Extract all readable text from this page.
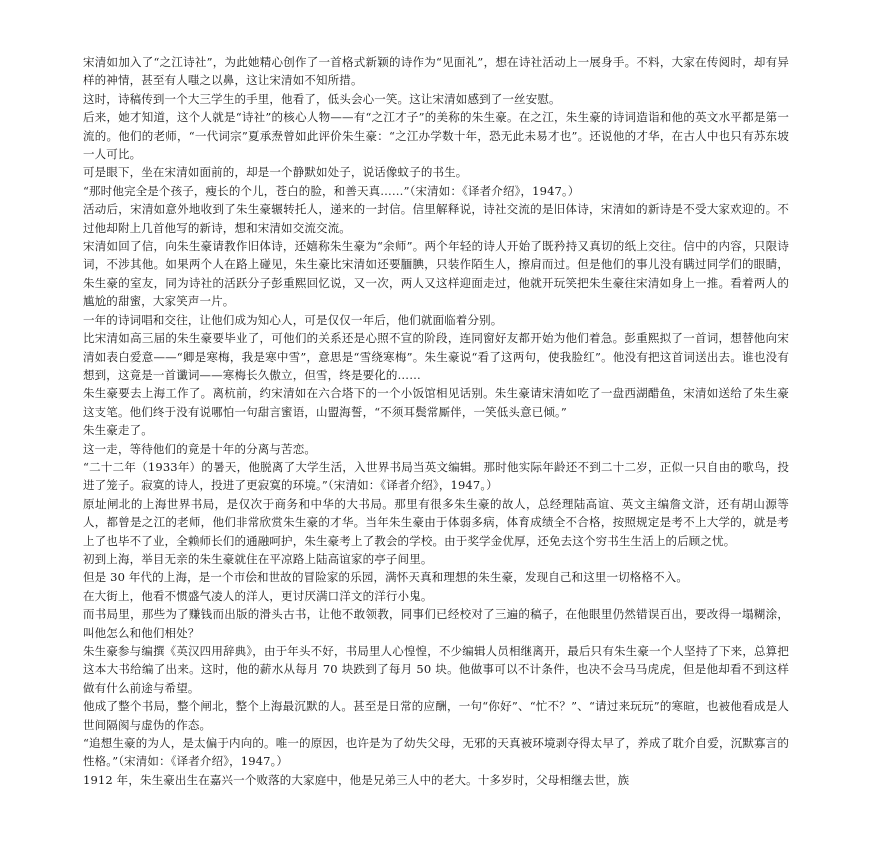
宋清如加入了“之江诗社”，为此她精心创作了一首格式新颖的诗作为“见面礼”，想在诗社活动上一展身手。不料，大家在传阅时，却有异样的神情，甚至有人嗤之以鼻，这让宋清如不知所措。

这时，诗稿传到一个大三学生的手里，他看了，低头会心一笑。这让宋清如感到了一丝安慰。

后来，她才知道，这个人就是“诗社”的核心人物——有“之江才子”的美称的朱生豪。在之江，朱生豪的诗词造诣和他的英文水平都是第一流的。他们的老师，“一代词宗”夏承焘曾如此评价朱生豪：“之江办学数十年，恐无此未易才也”。还说他的才华，在古人中也只有苏东坡一人可比。

可是眼下，坐在宋清如面前的，却是一个静默如处子，说话像蚊子的书生。

“那时他完全是个孩子，瘦长的个儿，苍白的脸，和善天真……”（宋清如：《译者介绍》，1947。）

活动后，宋清如意外地收到了朱生豪辗转托人，递来的一封信。信里解释说，诗社交流的是旧体诗，宋清如的新诗是不受大家欢迎的。不过他却附上几首他写的新诗，想和宋清如交流交流。

宋清如回了信，向朱生豪请教作旧体诗，还嬉称朱生豪为“余师”。两个年轻的诗人开始了既矜持又真切的纸上交往。信中的内容，只限诗词，不涉其他。如果两个人在路上碰见，朱生豪比宋清如还要腼腆，只装作陌生人，擦肩而过。但是他们的事儿没有瞒过同学们的眼睛，朱生豪的室友，同为诗社的活跃分子彭重熙回忆说，又一次，两人又这样迎面走过，他就开玩笑把朱生豪往宋清如身上一推。看着两人的尴尬的甜蜜，大家笑声一片。

一年的诗词唱和交往，让他们成为知心人，可是仅仅一年后，他们就面临着分别。

比宋清如高三届的朱生豪要毕业了，可他们的关系还是心照不宣的阶段，连同窗好友都开始为他们着急。彭重熙拟了一首词，想替他向宋清如表白爱意——“卿是寒梅，我是寒中雪”，意思是“雪绕寒梅”。朱生豪说“看了这两句，使我脸红”。他没有把这首词送出去。谁也没有想到，这竟是一首谶词——寒梅长久傲立，但雪，终是要化的……

朱生豪要去上海工作了。离杭前，约宋清如在六合塔下的一个小饭馆相见话别。朱生豪请宋清如吃了一盘西湖醋鱼，宋清如送给了朱生豪这支笔。他们终于没有说哪怕一句甜言蜜语，山盟海誓，“不须耳鬓常厮伴，一笑低头意已倾。”

朱生豪走了。

这一走，等待他们的竟是十年的分离与苦恋。

“二十二年（1933年）的暑天，他脱离了大学生活，入世界书局当英文编辑。那时他实际年龄还不到二十二岁，正似一只自由的歌鸟，投进了笼子。寂寞的诗人，投进了更寂寞的环境。”（宋清如：《译者介绍》，1947。）

原址闸北的上海世界书局，是仅次于商务和中华的大书局。那里有很多朱生豪的故人，总经理陆高谊、英文主编詹文浒，还有胡山源等人，都曾是之江的老师，他们非常欣赏朱生豪的才华。当年朱生豪由于体弱多病，体育成绩全不合格，按照规定是考不上大学的，就是考上了也毕不了业，全赖师长们的通融呵护，朱生豪考上了教会的学校。由于奖学金优厚，还免去这个穷书生生活上的后顾之忧。

初到上海，举目无亲的朱生豪就住在平凉路上陆高谊家的亭子间里。

但是 30 年代的上海，是一个市侩和世故的冒险家的乐园，满怀天真和理想的朱生豪，发现自己和这里一切格格不入。

在大街上，他看不惯盛气凌人的洋人，更讨厌满口洋文的洋行小鬼。

而书局里，那些为了赚钱而出版的滑头古书，让他不敢领教，同事们已经校对了三遍的稿子，在他眼里仍然错误百出，要改得一塌糊涂，叫他怎么和他们相处？

朱生豪参与编撰《英汉四用辞典》，由于年头不好，书局里人心惶惶，不少编辑人员相继离开，最后只有朱生豪一个人坚持了下来，总算把这本大书给编了出来。这时，他的薪水从每月 70 块跌到了每月 50 块。他做事可以不计条件，也决不会马马虎虎，但是他却看不到这样做有什么前途与希望。

他成了整个书局，整个闸北，整个上海最沉默的人。甚至是日常的应酬，一句“你好”、“忙不？”、“请过来玩玩”的寒暄，也被他看成是人世间隔阂与虚伪的作态。

“追想生豪的为人，是太偏于内向的。唯一的原因，也许是为了幼失父母，无邪的天真被环境剥夺得太早了，养成了耽介自爱，沉默寡言的性格。”（宋清如：《译者介绍》，1947。）

1912 年，朱生豪出生在嘉兴一个败落的大家庭中，他是兄弟三人中的老大。十多岁时，父母相继去世，族
